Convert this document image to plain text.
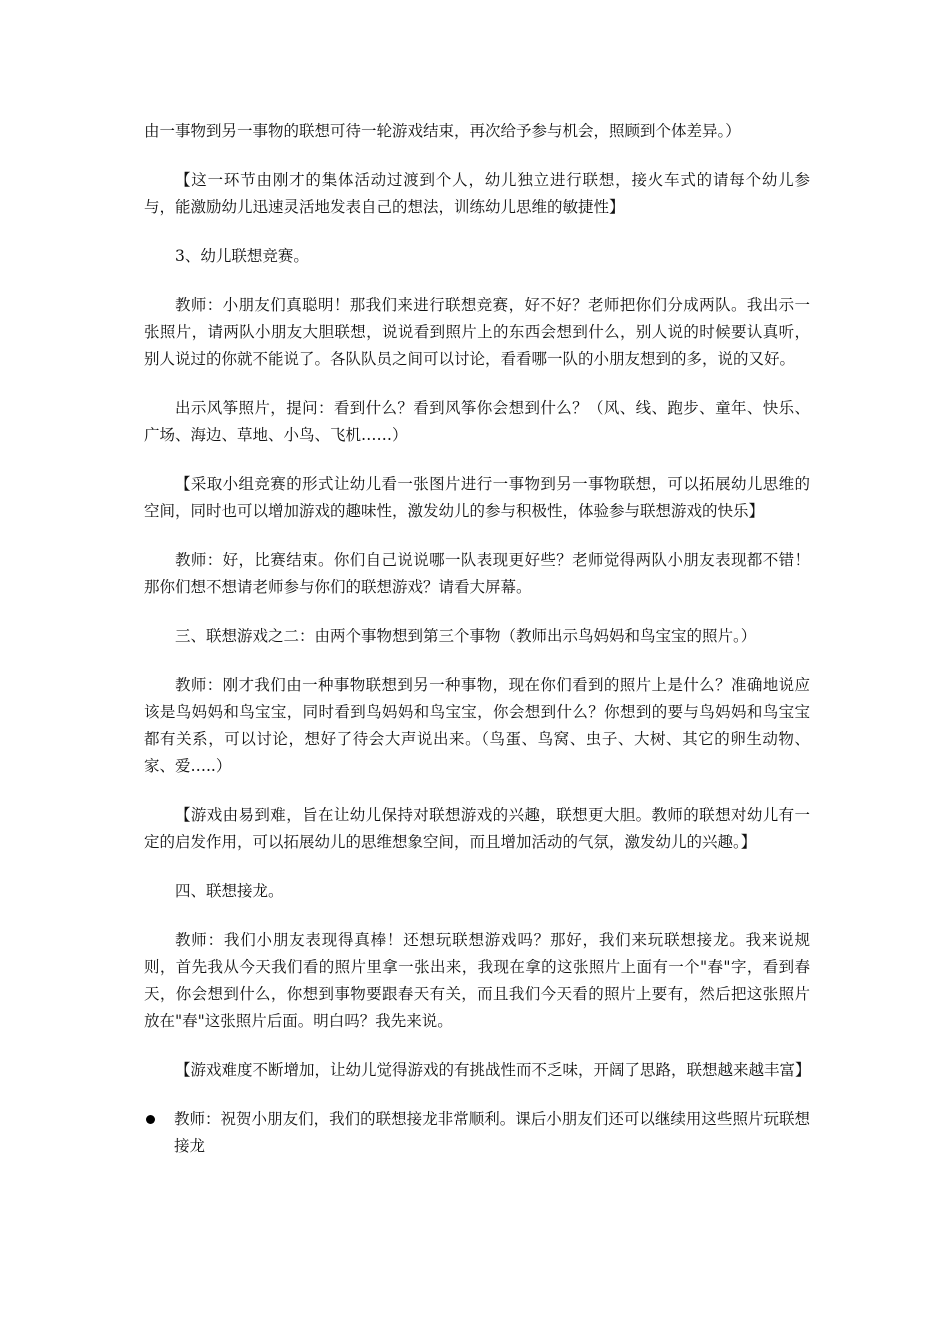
由一事物到另一事物的联想可待一轮游戏结束，再次给予参与机会，照顾到个体差异。）

【这一环节由刚才的集体活动过渡到个人，幼儿独立进行联想，接火车式的请每个幼儿参与，能激励幼儿迅速灵活地发表自己的想法，训练幼儿思维的敏捷性】

3、幼儿联想竞赛。

教师：小朋友们真聪明！那我们来进行联想竞赛，好不好？老师把你们分成两队。我出示一张照片，请两队小朋友大胆联想，说说看到照片上的东西会想到什么，别人说的时候要认真听，别人说过的你就不能说了。各队队员之间可以讨论，看看哪一队的小朋友想到的多，说的又好。

出示风筝照片，提问：看到什么？看到风筝你会想到什么？（风、线、跑步、童年、快乐、广场、海边、草地、小鸟、飞机……）

【采取小组竞赛的形式让幼儿看一张图片进行一事物到另一事物联想，可以拓展幼儿思维的空间，同时也可以增加游戏的趣味性，激发幼儿的参与积极性，体验参与联想游戏的快乐】

教师：好，比赛结束。你们自己说说哪一队表现更好些？老师觉得两队小朋友表现都不错！那你们想不想请老师参与你们的联想游戏？请看大屏幕。

三、联想游戏之二：由两个事物想到第三个事物（教师出示鸟妈妈和鸟宝宝的照片。）

教师：刚才我们由一种事物联想到另一种事物，现在你们看到的照片上是什么？准确地说应该是鸟妈妈和鸟宝宝，同时看到鸟妈妈和鸟宝宝，你会想到什么？你想到的要与鸟妈妈和鸟宝宝都有关系，可以讨论，想好了待会大声说出来。（鸟蛋、鸟窝、虫子、大树、其它的卵生动物、家、爱…..）

【游戏由易到难，旨在让幼儿保持对联想游戏的兴趣，联想更大胆。教师的联想对幼儿有一定的启发作用，可以拓展幼儿的思维想象空间，而且增加活动的气氛，激发幼儿的兴趣。】

四、联想接龙。

教师：我们小朋友表现得真棒！还想玩联想游戏吗？那好，我们来玩联想接龙。我来说规则，首先我从今天我们看的照片里拿一张出来，我现在拿的这张照片上面有一个"春"字，看到春天，你会想到什么，你想到事物要跟春天有关，而且我们今天看的照片上要有，然后把这张照片放在"春"这张照片后面。明白吗？我先来说。

【游戏难度不断增加，让幼儿觉得游戏的有挑战性而不乏味，开阔了思路，联想越来越丰富】

教师：祝贺小朋友们，我们的联想接龙非常顺利。课后小朋友们还可以继续用这些照片玩联想接龙
